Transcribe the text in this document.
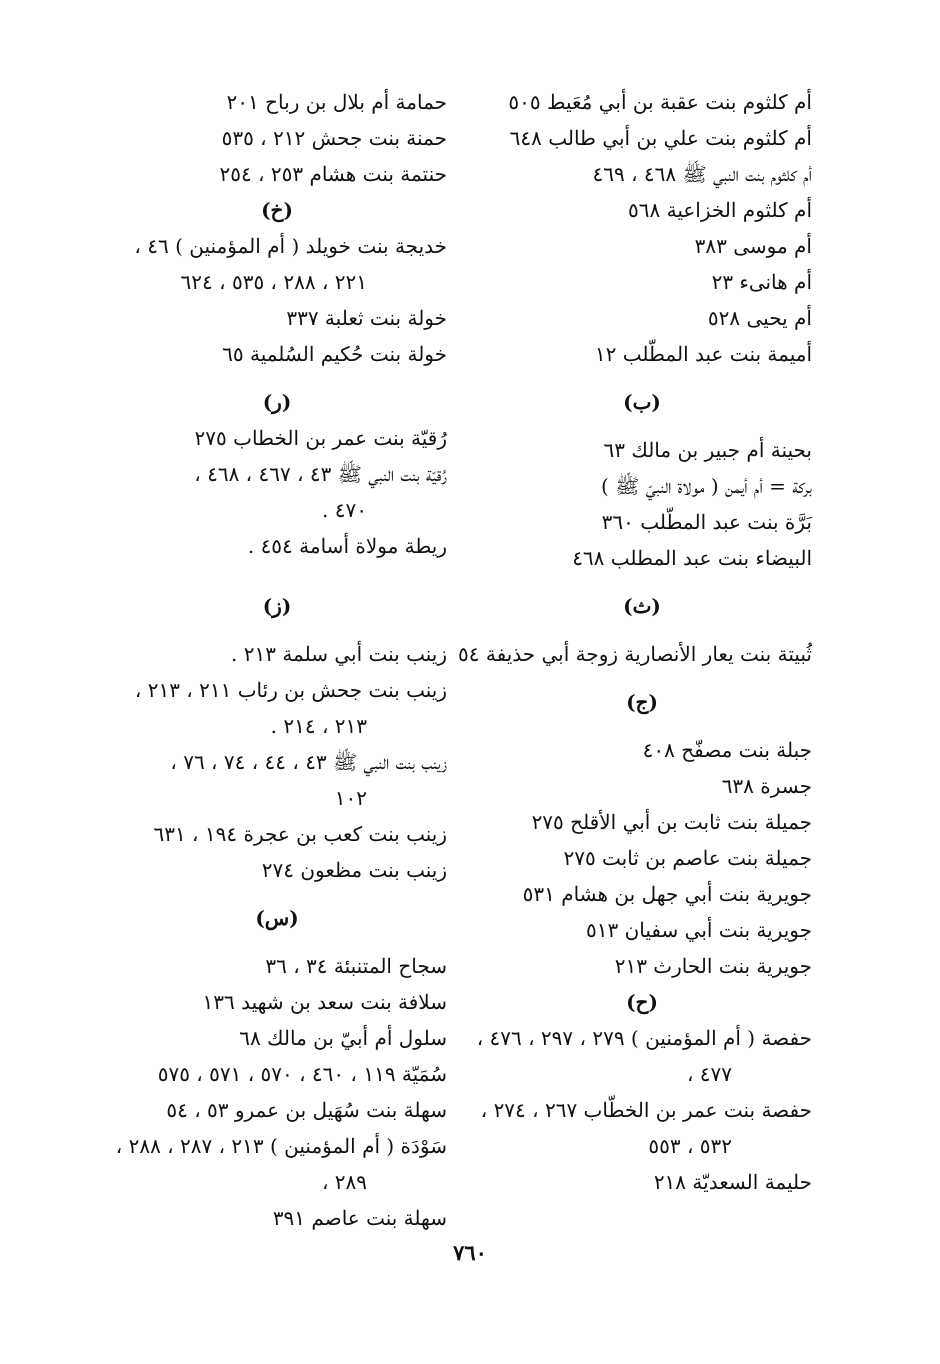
أم كلثوم بنت عقبة بن أبي مُعَيط ٥٠٥
أم كلثوم بنت علي بن أبي طالب ٦٤٨
أم كلثوم بنت النبي ﷺ ٤٦٨ ، ٤٦٩
أم كلثوم الخزاعية ٥٦٨
أم موسى ٣٨٣
أم هانىء ٢٣
أم يحيى ٥٢٨
أميمة بنت عبد المطّلب ١٢
(ب)
بحينة أم جبير بن مالك ٦٣
بركة = أم أيمن ( مولاة النبيّ ﷺ )
بَرَّة بنت عبد المطّلب ٣٦٠
البيضاء بنت عبد المطلب ٤٦٨
(ث)
ثُبيتة بنت يعار الأنصارية زوجة أبي حذيفة ٥٤
(ج)
جبلة بنت مصفّح ٤٠٨
جسرة ٦٣٨
جميلة بنت ثابت بن أبي الأقلح ٢٧٥
جميلة بنت عاصم بن ثابت ٢٧٥
جويرية بنت أبي جهل بن هشام ٥٣١
جويرية بنت أبي سفيان ٥١٣
جويرية بنت الحارث ٢١٣
(ح)
حفصة ( أم المؤمنين ) ٢٧٩ ، ٢٩٧ ، ٤٧٦ ،
٤٧٧ ،
حفصة بنت عمر بن الخطّاب ٢٦٧ ، ٢٧٤ ،
٥٣٢ ، ٥٥٣
حليمة السعديّة ٢١٨
حمامة أم بلال بن رباح ٢٠١
حمنة بنت جحش ٢١٢ ، ٥٣٥
حنتمة بنت هشام ٢٥٣ ، ٢٥٤
(خ)
خديجة بنت خويلد ( أم المؤمنين ) ٤٦ ،
٢٢١ ، ٢٨٨ ، ٥٣٥ ، ٦٢٤
خولة بنت ثعلبة ٣٣٧
خولة بنت حُكيم السُلمية ٦٥
(ر)
رُقيّة بنت عمر بن الخطاب ٢٧٥
رُقيّة بنت النبي ﷺ ٤٣ ، ٤٦٧ ، ٤٦٨ ،
٤٧٠ .
ريطة مولاة أسامة ٤٥٤ .
(ز)
زينب بنت أبي سلمة ٢١٣ .
زينب بنت جحش بن رئاب ٢١١ ، ٢١٣ ،
٢١٣ ، ٢١٤ .
زينب بنت النبي ﷺ ٤٣ ، ٤٤ ، ٧٤ ، ٧٦ ،
١٠٢
زينب بنت كعب بن عجرة ١٩٤ ، ٦٣١
زينب بنت مظعون ٢٧٤
(س)
سجاح المتنبئة ٣٤ ، ٣٦
سلافة بنت سعد بن شهيد ١٣٦
سلول أم أبيّ بن مالك ٦٨
سُمَيّة ١١٩ ، ٤٦٠ ، ٥٧٠ ، ٥٧١ ، ٥٧٥
سهلة بنت سُهَيل بن عمرو ٥٣ ، ٥٤
سَوْدَة ( أم المؤمنين ) ٢١٣ ، ٢٨٧ ، ٢٨٨ ،
٢٨٩ ،
سهلة بنت عاصم ٣٩١
٧٦٠
